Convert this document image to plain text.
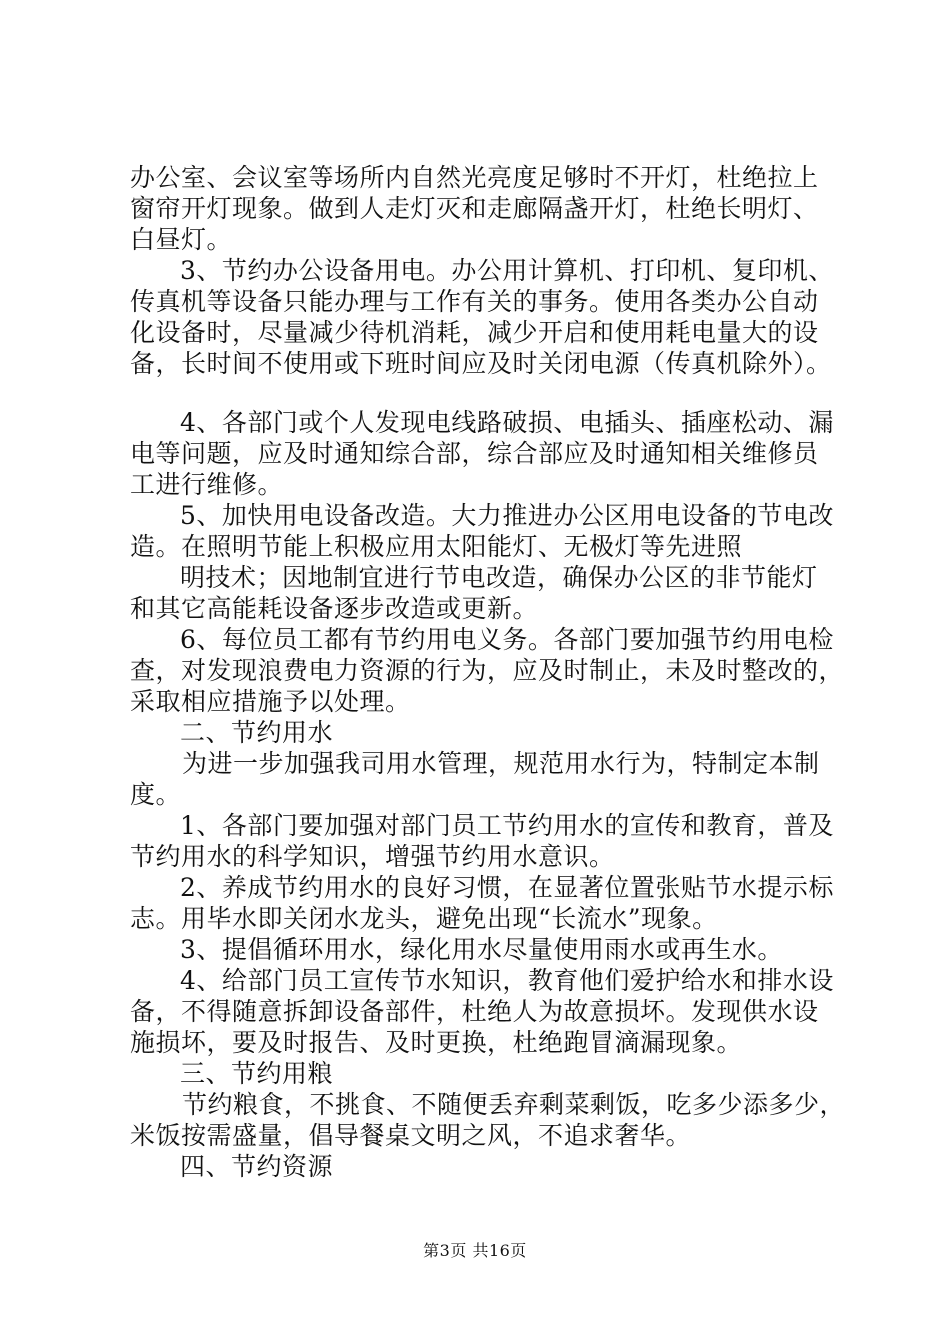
办公室、会议室等场所内自然光亮度足够时不开灯，杜绝拉上
窗帘开灯现象。做到人走灯灭和走廊隔盏开灯，杜绝长明灯、
白昼灯。
3、节约办公设备用电。办公用计算机、打印机、复印机、
传真机等设备只能办理与工作有关的事务。使用各类办公自动
化设备时，尽量减少待机消耗，减少开启和使用耗电量大的设
备，长时间不使用或下班时间应及时关闭电源（传真机除外）。
4、各部门或个人发现电线路破损、电插头、插座松动、漏
电等问题，应及时通知综合部，综合部应及时通知相关维修员
工进行维修。
5、加快用电设备改造。大力推进办公区用电设备的节电改
造。在照明节能上积极应用太阳能灯、无极灯等先进照
明技术；因地制宜进行节电改造，确保办公区的非节能灯
和其它高能耗设备逐步改造或更新。
6、每位员工都有节约用电义务。各部门要加强节约用电检
查，对发现浪费电力资源的行为，应及时制止，未及时整改的，
采取相应措施予以处理。
二、节约用水
为进一步加强我司用水管理，规范用水行为，特制定本制
度。
1、各部门要加强对部门员工节约用水的宣传和教育，普及
节约用水的科学知识，增强节约用水意识。
2、养成节约用水的良好习惯，在显著位置张贴节水提示标
志。用毕水即关闭水龙头，避免出现“长流水”现象。
3、提倡循环用水，绿化用水尽量使用雨水或再生水。
4、给部门员工宣传节水知识，教育他们爱护给水和排水设
备，不得随意拆卸设备部件，杜绝人为故意损坏。发现供水设
施损坏，要及时报告、及时更换，杜绝跑冒滴漏现象。
三、节约用粮
节约粮食，不挑食、不随便丢弃剩菜剩饭，吃多少添多少，
米饭按需盛量，倡导餐桌文明之风，不追求奢华。
四、节约资源
第3页 共16页
